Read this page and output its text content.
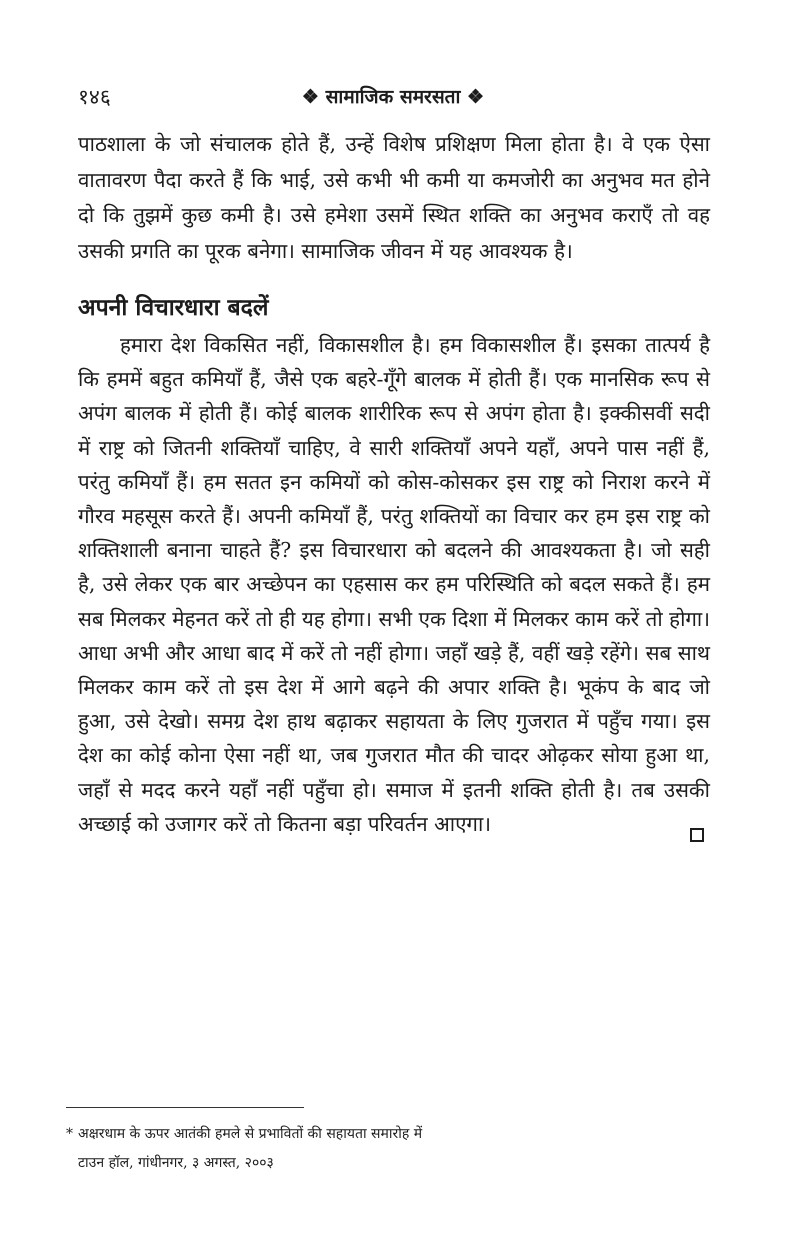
१४६	❖ सामाजिक समरसता ❖

पाठशाला के जो संचालक होते हैं, उन्हें विशेष प्रशिक्षण मिला होता है। वे एक ऐसा वातावरण पैदा करते हैं कि भाई, उसे कभी भी कमी या कमजोरी का अनुभव मत होने दो कि तुझमें कुछ कमी है। उसे हमेशा उसमें स्थित शक्ति का अनुभव कराएँ तो वह उसकी प्रगति का पूरक बनेगा। सामाजिक जीवन में यह आवश्यक है।

अपनी विचारधारा बदलें

हमारा देश विकसित नहीं, विकासशील है। हम विकासशील हैं। इसका तात्पर्य है कि हममें बहुत कमियाँ हैं, जैसे एक बहरे-गूँगे बालक में होती हैं। एक मानसिक रूप से अपंग बालक में होती हैं। कोई बालक शारीरिक रूप से अपंग होता है। इक्कीसवीं सदी में राष्ट्र को जितनी शक्तियाँ चाहिए, वे सारी शक्तियाँ अपने यहाँ, अपने पास नहीं हैं, परंतु कमियाँ हैं। हम सतत इन कमियों को कोस-कोसकर इस राष्ट्र को निराश करने में गौरव महसूस करते हैं। अपनी कमियाँ हैं, परंतु शक्तियों का विचार कर हम इस राष्ट्र को शक्तिशाली बनाना चाहते हैं? इस विचारधारा को बदलने की आवश्यकता है। जो सही है, उसे लेकर एक बार अच्छेपन का एहसास कर हम परिस्थिति को बदल सकते हैं। हम सब मिलकर मेहनत करें तो ही यह होगा। सभी एक दिशा में मिलकर काम करें तो होगा। आधा अभी और आधा बाद में करें तो नहीं होगा। जहाँ खड़े हैं, वहीं खड़े रहेंगे। सब साथ मिलकर काम करें तो इस देश में आगे बढ़ने की अपार शक्ति है। भूकंप के बाद जो हुआ, उसे देखो। समग्र देश हाथ बढ़ाकर सहायता के लिए गुजरात में पहुँच गया। इस देश का कोई कोना ऐसा नहीं था, जब गुजरात मौत की चादर ओढ़कर सोया हुआ था, जहाँ से मदद करने यहाँ नहीं पहुँचा हो। समाज में इतनी शक्ति होती है। तब उसकी अच्छाई को उजागर करें तो कितना बड़ा परिवर्तन आएगा।

* अक्षरधाम के ऊपर आतंकी हमले से प्रभावितों की सहायता समारोह में
टाउन हॉल, गांधीनगर, ३ अगस्त, २००३
